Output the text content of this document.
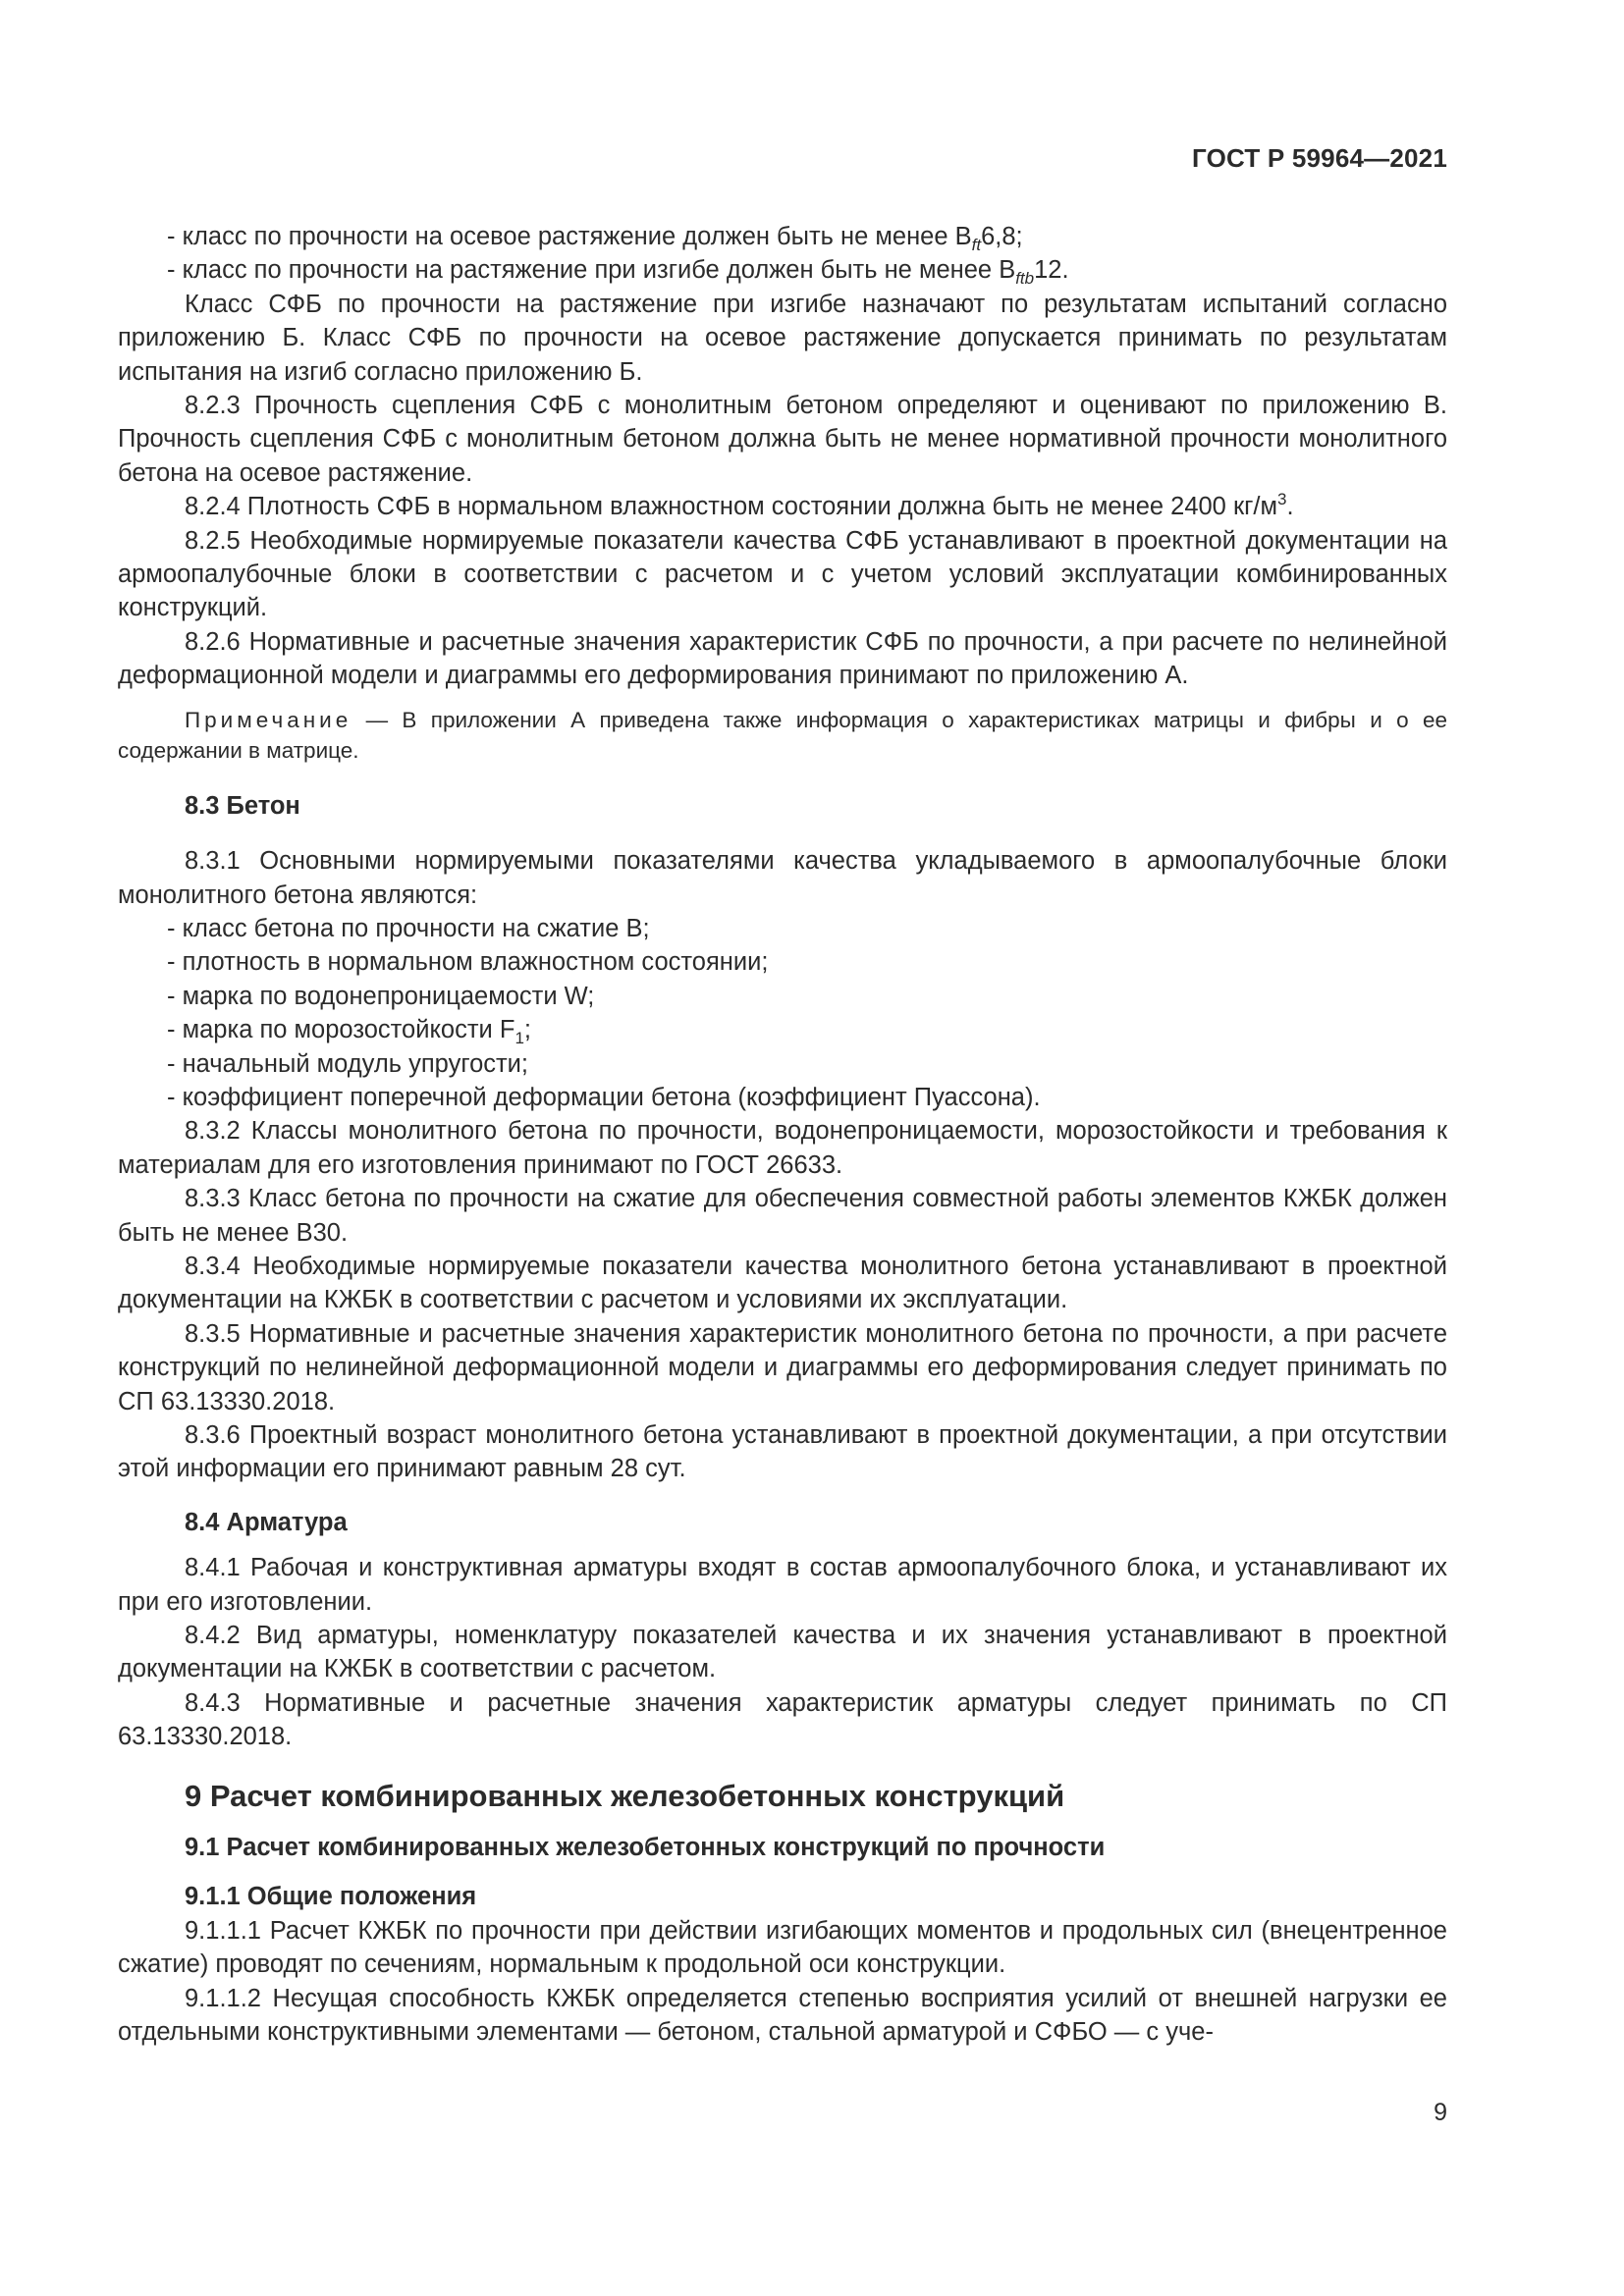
ГОСТ Р 59964—2021

- класс по прочности на осевое растяжение должен быть не менее $B_{ft}6,8$;

- класс по прочности на растяжение при изгибе должен быть не менее $B_{ftb}12$.

Класс СФБ по прочности на растяжение при изгибе назначают по результатам испытаний согласно приложению Б. Класс СФБ по прочности на осевое растяжение допускается принимать по результатам испытания на изгиб согласно приложению Б.

8.2.3 Прочность сцепления СФБ с монолитным бетоном определяют и оценивают по приложению В. Прочность сцепления СФБ с монолитным бетоном должна быть не менее нормативной прочности монолитного бетона на осевое растяжение.

8.2.4 Плотность СФБ в нормальном влажностном состоянии должна быть не менее 2400 $кг/м^3$.

8.2.5 Необходимые нормируемые показатели качества СФБ устанавливают в проектной документации на армоопалубочные блоки в соответствии с расчетом и с учетом условий эксплуатации комбинированных конструкций.

8.2.6 Нормативные и расчетные значения характеристик СФБ по прочности, а при расчете по нелинейной деформационной модели и диаграммы его деформирования принимают по приложению А.

Примечание — В приложении А приведена также информация о характеристиках матрицы и фибры и о ее содержании в матрице.

8.3 Бетон

8.3.1 Основными нормируемыми показателями качества укладываемого в армоопалубочные блоки монолитного бетона являются:

- класс бетона по прочности на сжатие В;

- плотность в нормальном влажностном состоянии;

- марка по водонепроницаемости W;

- марка по морозостойкости $F_1$;

- начальный модуль упругости;

- коэффициент поперечной деформации бетона (коэффициент Пуассона).

8.3.2 Классы монолитного бетона по прочности, водонепроницаемости, морозостойкости и требования к материалам для его изготовления принимают по ГОСТ 26633.

8.3.3 Класс бетона по прочности на сжатие для обеспечения совместной работы элементов КЖБК должен быть не менее В30.

8.3.4 Необходимые нормируемые показатели качества монолитного бетона устанавливают в проектной документации на КЖБК в соответствии с расчетом и условиями их эксплуатации.

8.3.5 Нормативные и расчетные значения характеристик монолитного бетона по прочности, а при расчете конструкций по нелинейной деформационной модели и диаграммы его деформирования следует принимать по СП 63.13330.2018.

8.3.6 Проектный возраст монолитного бетона устанавливают в проектной документации, а при отсутствии этой информации его принимают равным 28 сут.

8.4 Арматура

8.4.1 Рабочая и конструктивная арматуры входят в состав армоопалубочного блока, и устанавливают их при его изготовлении.

8.4.2 Вид арматуры, номенклатуру показателей качества и их значения устанавливают в проектной документации на КЖБК в соответствии с расчетом.

8.4.3 Нормативные и расчетные значения характеристик арматуры следует принимать по СП 63.13330.2018.

9 Расчет комбинированных железобетонных конструкций
9.1 Расчет комбинированных железобетонных конструкций по прочности
9.1.1 Общие положения

9.1.1.1 Расчет КЖБК по прочности при действии изгибающих моментов и продольных сил (внецентренное сжатие) проводят по сечениям, нормальным к продольной оси конструкции.

9.1.1.2 Несущая способность КЖБК определяется степенью восприятия усилий от внешней нагрузки ее отдельными конструктивными элементами — бетоном, стальной арматурой и СФБО — с уче-

9
